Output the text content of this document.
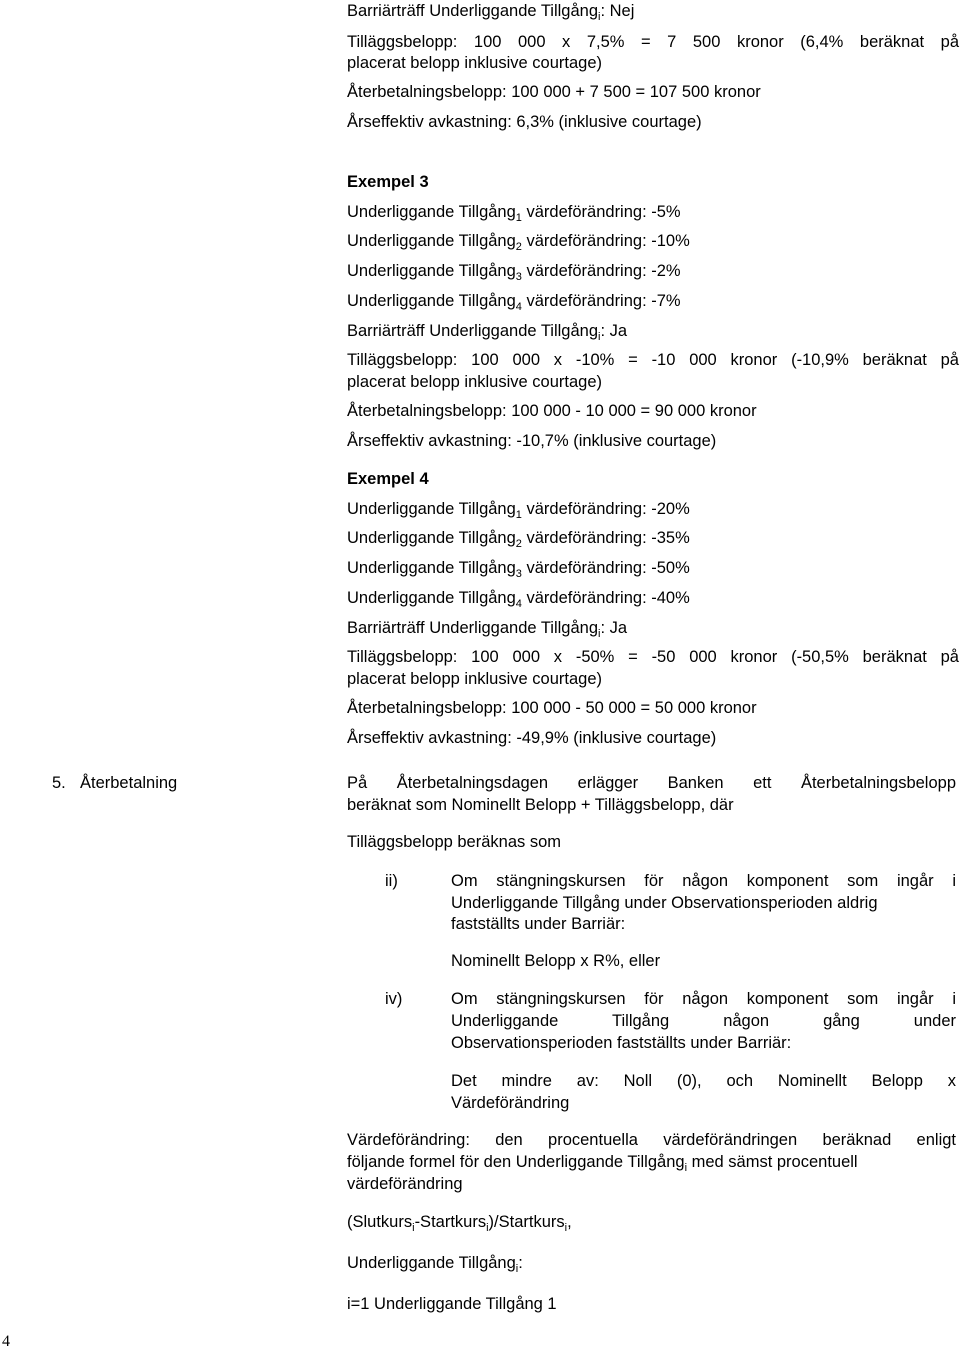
Barriärträff Underliggande Tillgång$_i$: Nej
Tilläggsbelopp: 100 000 x 7,5% = 7 500 kronor (6,4% beräknat på
placerat belopp inklusive courtage)
Återbetalningsbelopp: 100 000 + 7 500 = 107 500 kronor
Årseffektiv avkastning: 6,3% (inklusive courtage)
Exempel 3
Underliggande Tillgång$_1$ värdeförändring: -5%
Underliggande Tillgång$_2$ värdeförändring: -10%
Underliggande Tillgång$_3$ värdeförändring: -2%
Underliggande Tillgång$_4$ värdeförändring: -7%
Barriärträff Underliggande Tillgång$_i$: Ja
Tilläggsbelopp: 100 000 x -10% = -10 000 kronor (-10,9% beräknat på
placerat belopp inklusive courtage)
Återbetalningsbelopp: 100 000 - 10 000 = 90 000 kronor
Årseffektiv avkastning: -10,7% (inklusive courtage)
Exempel 4
Underliggande Tillgång$_1$ värdeförändring: -20%
Underliggande Tillgång$_2$ värdeförändring: -35%
Underliggande Tillgång$_3$ värdeförändring: -50%
Underliggande Tillgång$_4$ värdeförändring: -40%
Barriärträff Underliggande Tillgång$_i$: Ja
Tilläggsbelopp: 100 000 x -50% = -50 000 kronor (-50,5% beräknat på
placerat belopp inklusive courtage)
Återbetalningsbelopp: 100 000 - 50 000 = 50 000 kronor
Årseffektiv avkastning: -49,9% (inklusive courtage)
5. Återbetalning	På Återbetalningsdagen erlägger Banken ett Återbetalningsbelopp
beräknat som Nominellt Belopp + Tilläggsbelopp, där
Tilläggsbelopp beräknas som
ii)	Om stängningskursen för någon komponent som ingår i
Underliggande Tillgång under Observationsperioden aldrig
fastställts under Barriär:
Nominellt Belopp x R%, eller
iv)	Om stängningskursen för någon komponent som ingår i
Underliggande Tillgång någon gång under
Observationsperioden fastställts under Barriär:
Det mindre av: Noll (0), och Nominellt Belopp x
Värdeförändring
Värdeförändring: den procentuella värdeförändringen beräknad enligt
följande formel för den Underliggande Tillgång$_i$ med sämst procentuell
värdeförändring
(Slutkurs$_i$-Startkurs$_i$)/Startkurs$_i$,
Underliggande Tillgång$_i$:
i=1 Underliggande Tillgång 1
4
